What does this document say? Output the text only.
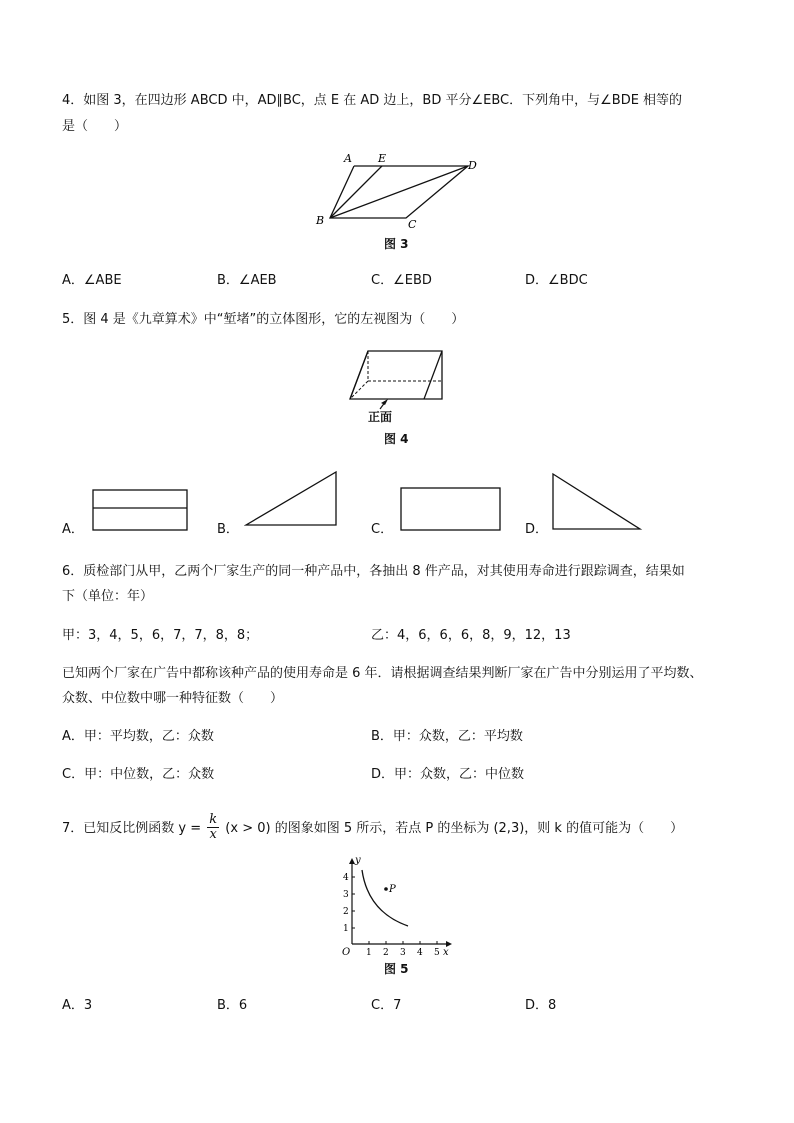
4．如图 3，在四边形 ABCD 中，AD∥BC，点 E 在 AD 边上，BD 平分∠EBC．下列角中，与∠BDE 相等的
是（　　）
A E
D
B	C
图 3
A．∠ABE	B．∠AEB	C．∠EBD	D．∠BDC
5．图 4 是《九章算术》中“堑堵”的立体图形，它的左视图为（　　）
正面
图 4
A．	B．	C．	D．
6．质检部门从甲，乙两个厂家生产的同一种产品中，各抽出 8 件产品，对其使用寿命进行跟踪调查，结果如
下（单位：年）
甲：3，4，5，6，7，7，8，8；	乙：4，6，6，6，8，9，12，13
已知两个厂家在广告中都称该种产品的使用寿命是 6 年．请根据调查结果判断厂家在广告中分别运用了平均数、
众数、中位数中哪一种特征数（　　）
A．甲：平均数，乙：众数	B．甲：众数，乙：平均数
C．甲：中位数，乙：众数	D．甲：众数，乙：中位数
7．已知反比例函数 $y = \frac{k}{x} (x > 0)$ 的图象如图 5 所示，若点 P 的坐标为 (2,3)，则 k 的值可能为（　　）
P
y
x
O
1
2
3
4
1 2 3 4 5
图 5
A．3	B．6	C．7	D．8
